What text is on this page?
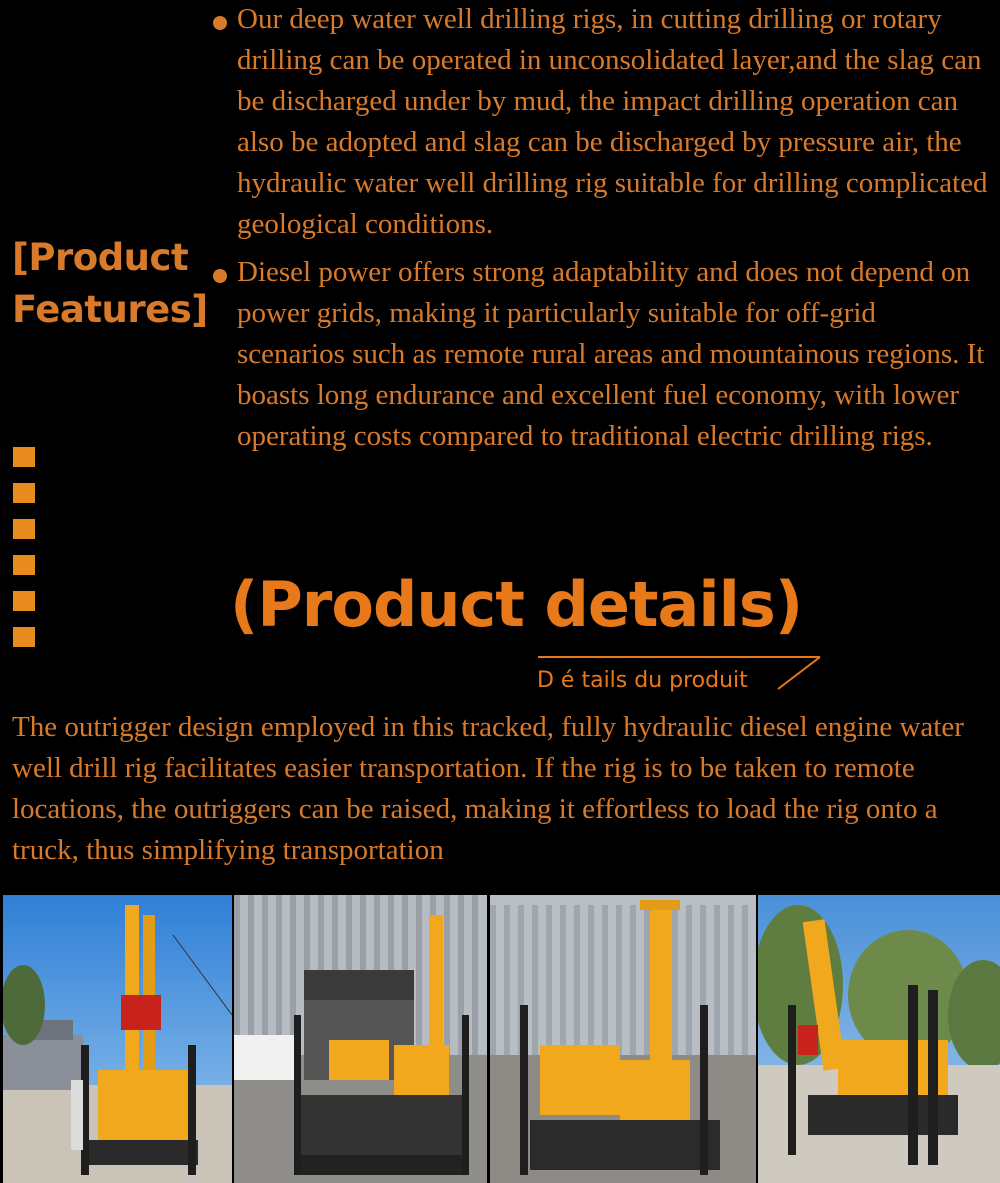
[Product
Features]
Our deep water well drilling rigs, in cutting drilling or rotary drilling can be operated in unconsolidated layer,and the slag can be discharged under by mud, the impact drilling operation can also be adopted and slag can be discharged by pressure air, the hydraulic water well drilling rig suitable for drilling complicated geological conditions.
Diesel power offers strong adaptability and does not depend on power grids, making it particularly suitable for off-grid scenarios such as remote rural areas and mountainous regions. It boasts long endurance and excellent fuel economy, with lower operating costs compared to traditional electric drilling rigs.
(Product details)
D é tails du produit
The outrigger design employed in this tracked, fully hydraulic diesel engine water well drill rig facilitates easier transportation. If the rig is to be taken to remote locations, the outriggers can be raised, making it effortless to load the rig onto a truck, thus simplifying transportation
